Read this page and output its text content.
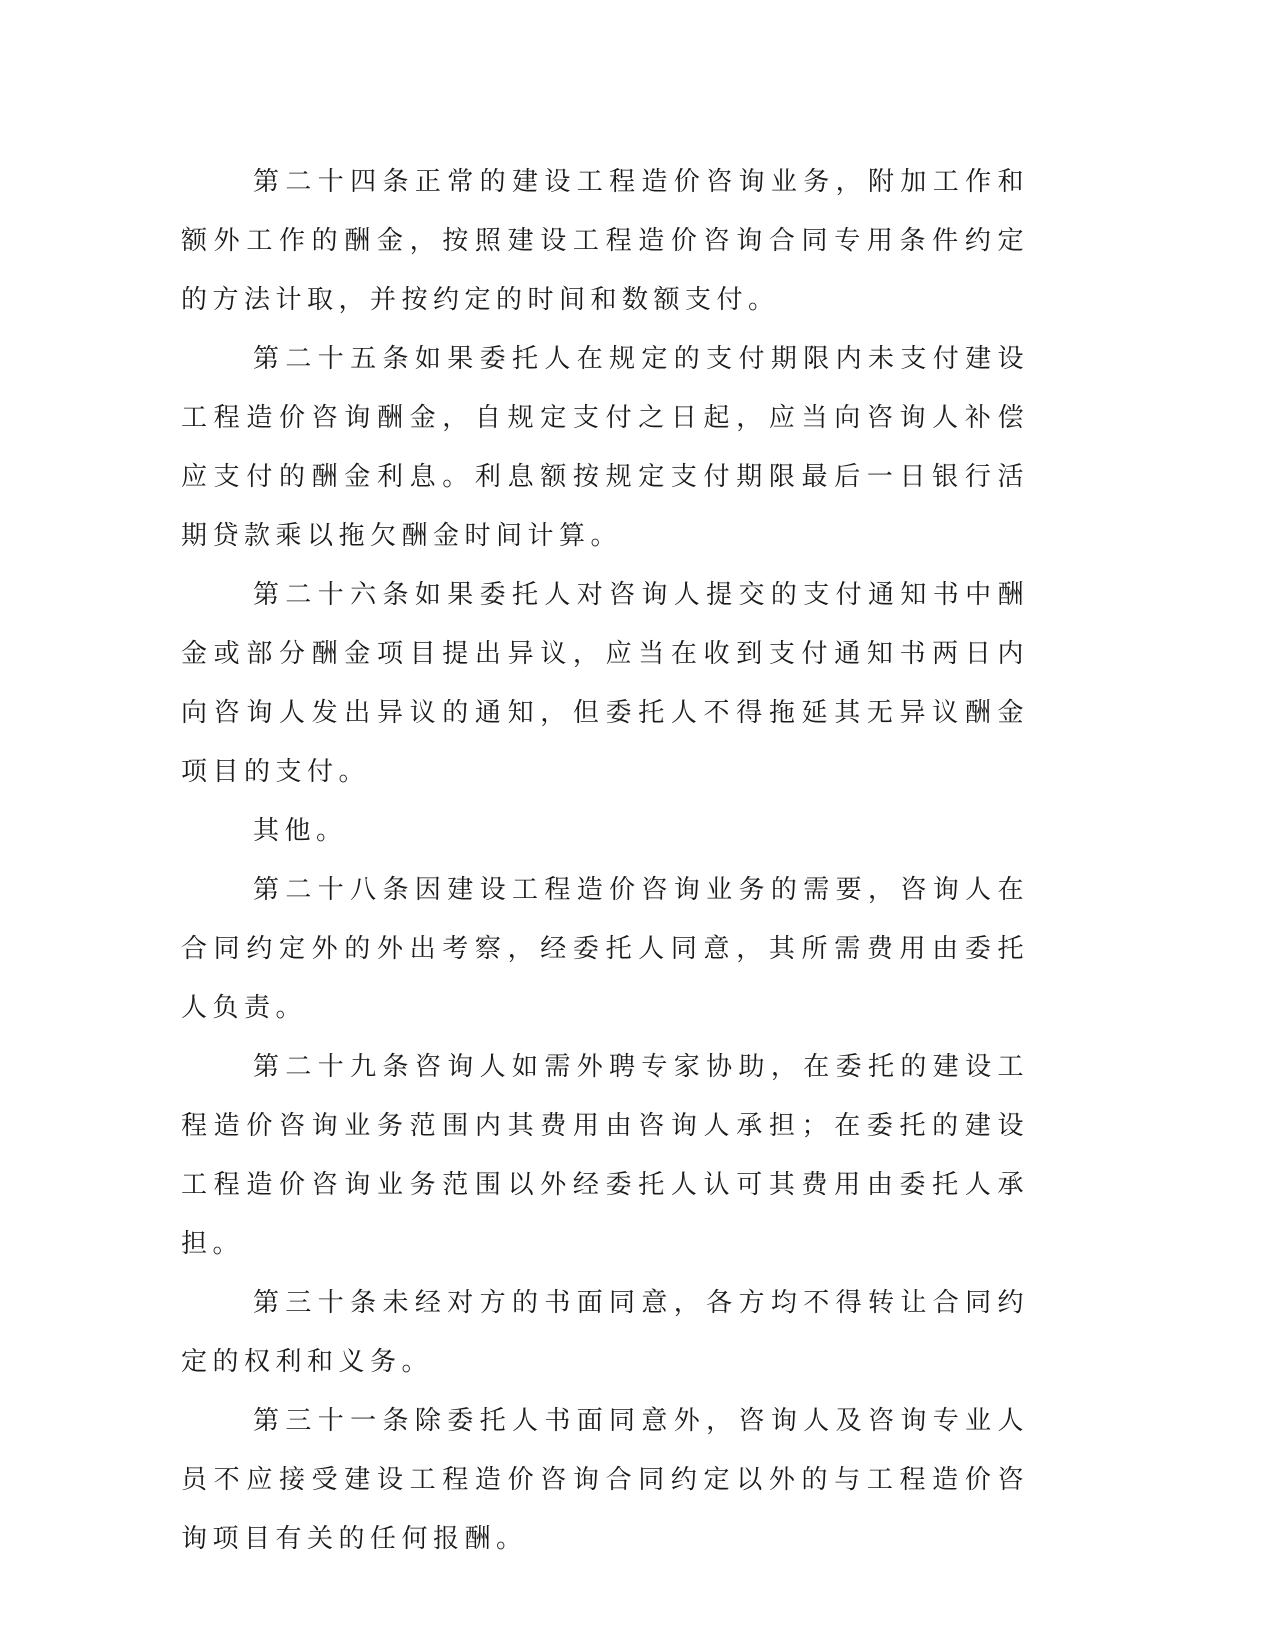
第二十四条正常的建设工程造价咨询业务，附加工作和额外工作的酬金，按照建设工程造价咨询合同专用条件约定的方法计取，并按约定的时间和数额支付。

第二十五条如果委托人在规定的支付期限内未支付建设工程造价咨询酬金，自规定支付之日起，应当向咨询人补偿应支付的酬金利息。利息额按规定支付期限最后一日银行活期贷款乘以拖欠酬金时间计算。

第二十六条如果委托人对咨询人提交的支付通知书中酬金或部分酬金项目提出异议，应当在收到支付通知书两日内向咨询人发出异议的通知，但委托人不得拖延其无异议酬金项目的支付。

其他。

第二十八条因建设工程造价咨询业务的需要，咨询人在合同约定外的外出考察，经委托人同意，其所需费用由委托人负责。

第二十九条咨询人如需外聘专家协助，在委托的建设工程造价咨询业务范围内其费用由咨询人承担；在委托的建设工程造价咨询业务范围以外经委托人认可其费用由委托人承担。

第三十条未经对方的书面同意，各方均不得转让合同约定的权利和义务。

第三十一条除委托人书面同意外，咨询人及咨询专业人员不应接受建设工程造价咨询合同约定以外的与工程造价咨询项目有关的任何报酬。
